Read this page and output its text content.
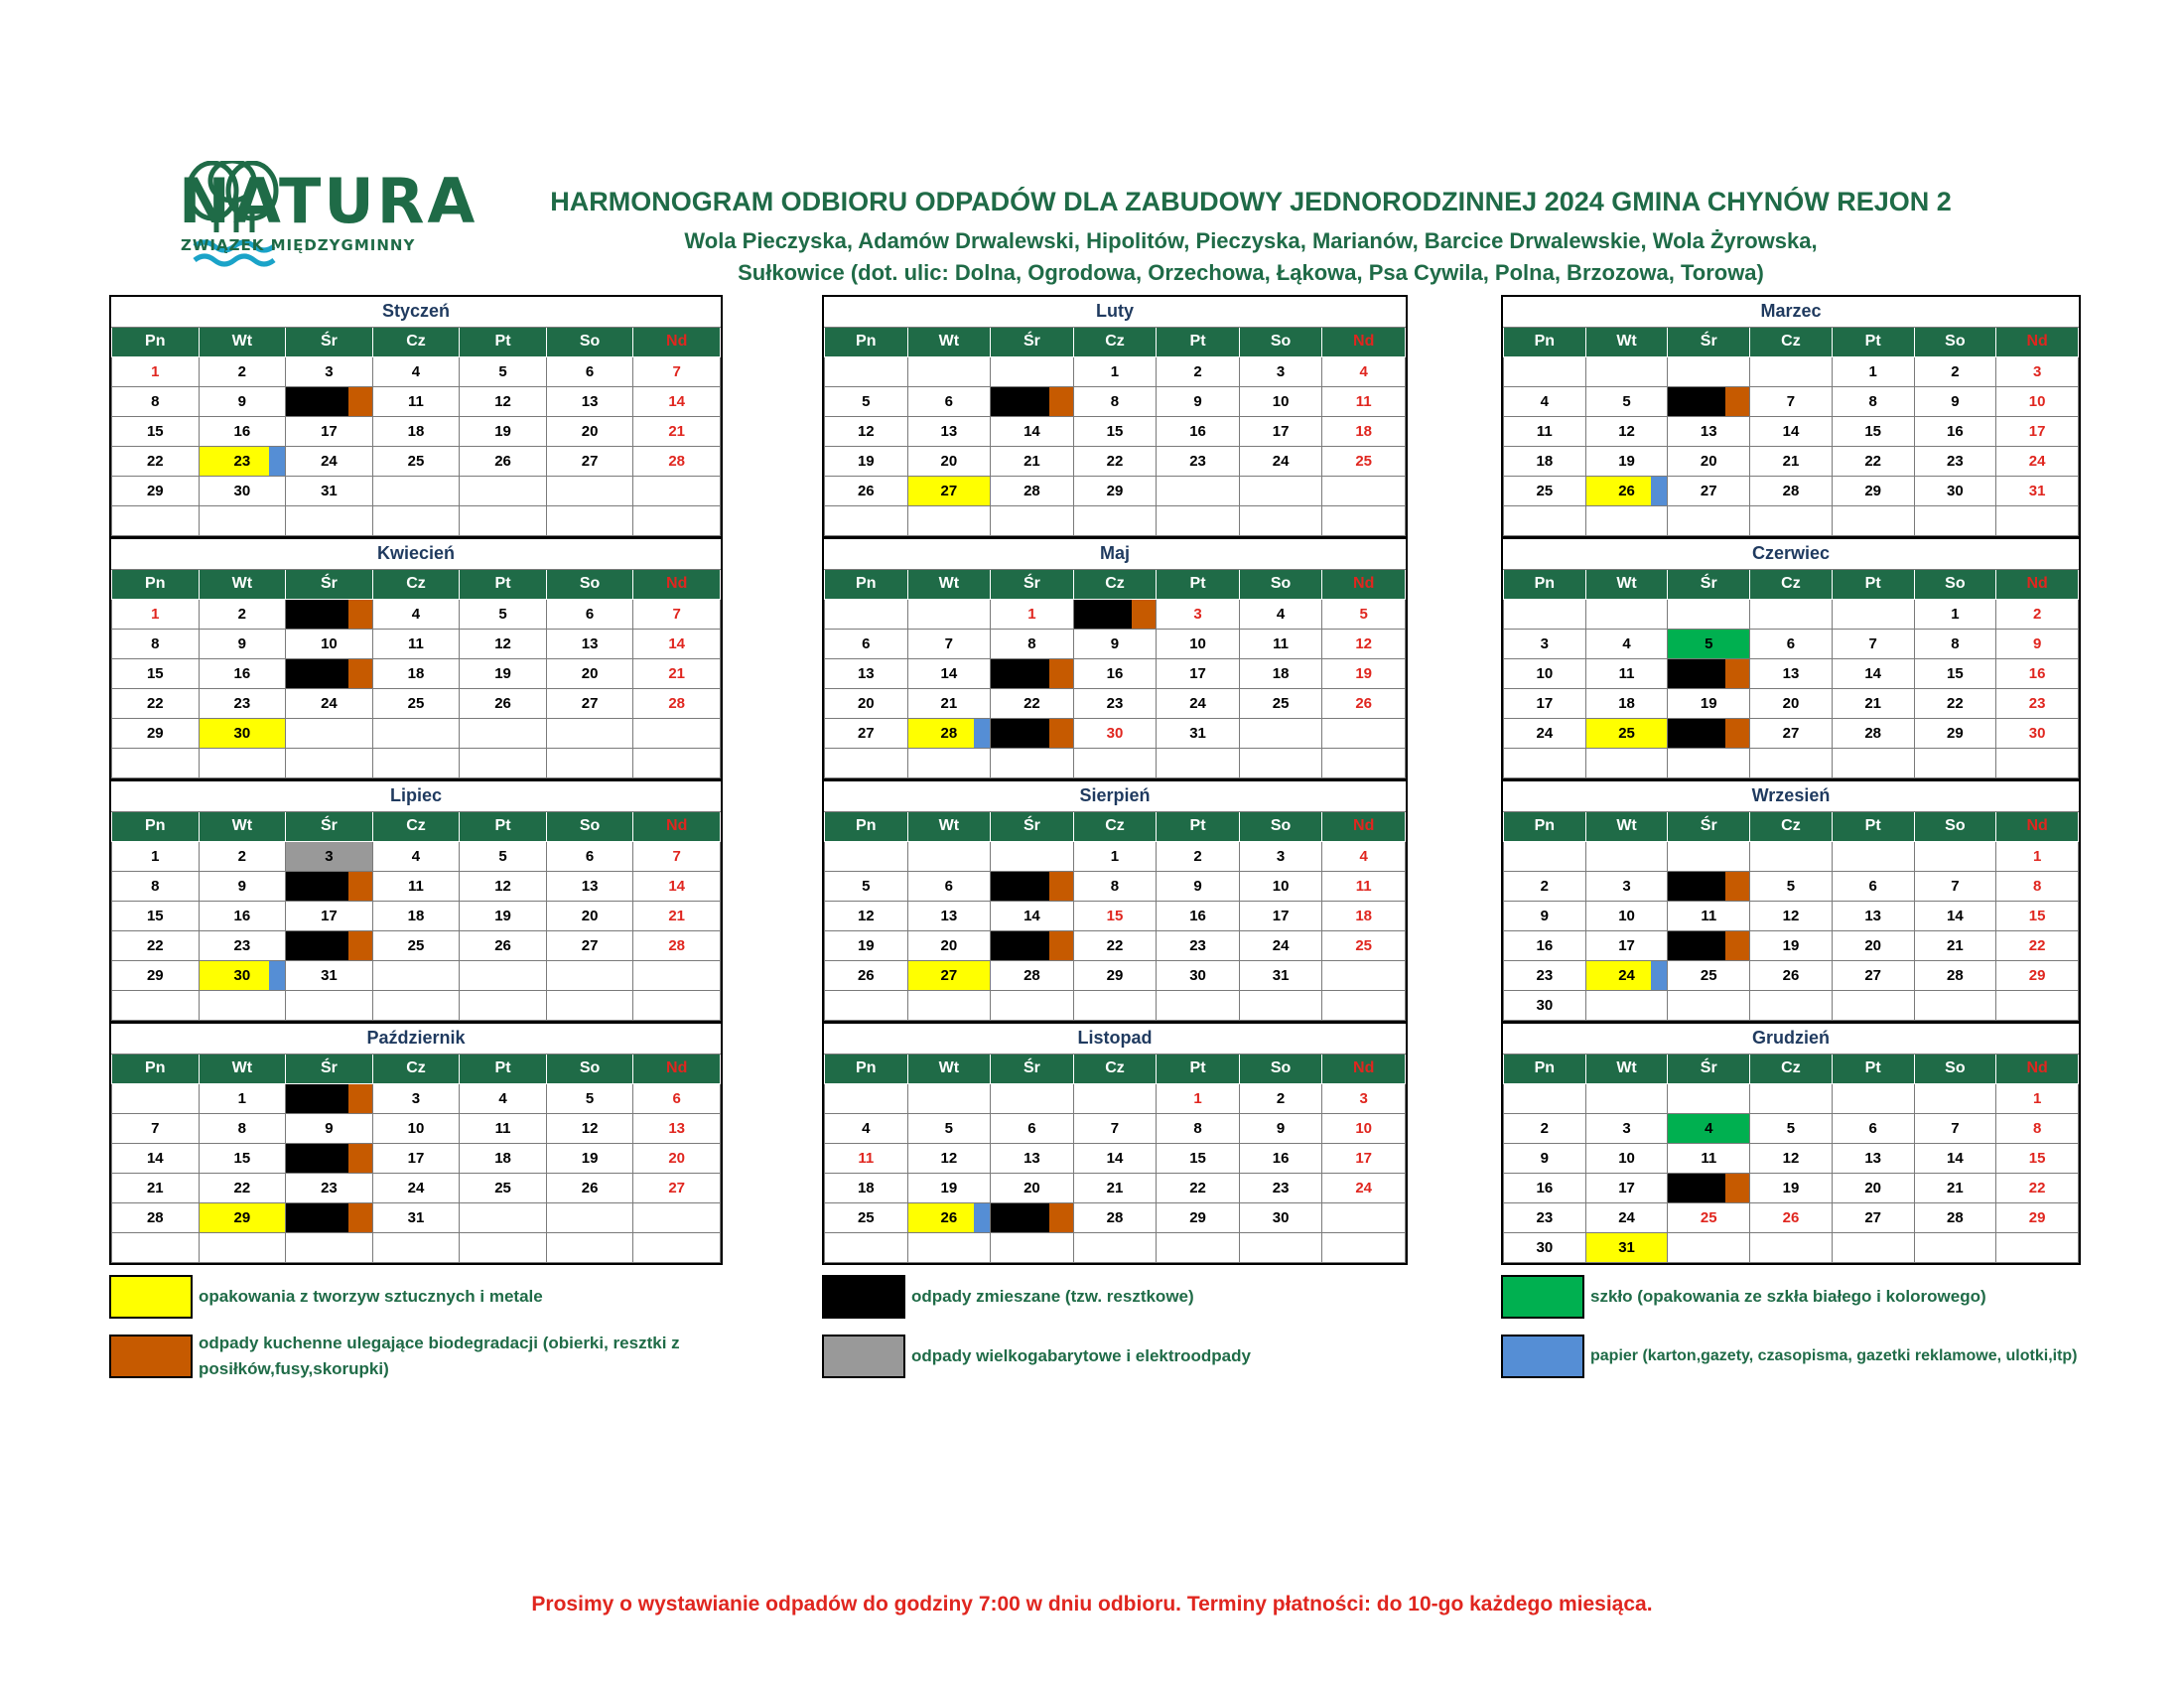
NATURA
ZWIĄZEK MIĘDZYGMINNY
HARMONOGRAM ODBIORU ODPADÓW DLA ZABUDOWY JEDNORODZINNEJ 2024 GMINA CHYNÓW REJON 2
Wola Pieczyska, Adamów Drwalewski, Hipolitów, Pieczyska, Marianów, Barcice Drwalewskie, Wola Żyrowska,
Sułkowice (dot. ulic: Dolna, Ogrodowa, Orzechowa, Łąkowa, Psa Cywila, Polna, Brzozowa, Torowa)
Styczeń						
Pn	Wt	Śr	Cz	Pt	So	Nd

1	2	3	4	5	6	7

8	9	10	11	12	13	14

15	16	17	18	19	20	21

22	23	24	25	26	27	28

29	30	31				

Luty						
Pn	Wt	Śr	Cz	Pt	So	Nd

			1	2	3	4

5	6	7	8	9	10	11

12	13	14	15	16	17	18

19	20	21	22	23	24	25

26	27	28	29			

Marzec						
Pn	Wt	Śr	Cz	Pt	So	Nd

				1	2	3

4	5	6	7	8	9	10

11	12	13	14	15	16	17

18	19	20	21	22	23	24

25	26	27	28	29	30	31

Kwiecień						
Pn	Wt	Śr	Cz	Pt	So	Nd

1	2	3	4	5	6	7

8	9	10	11	12	13	14

15	16	17	18	19	20	21

22	23	24	25	26	27	28

29	30					

Maj						
Pn	Wt	Śr	Cz	Pt	So	Nd

		1	2	3	4	5

6	7	8	9	10	11	12

13	14	15	16	17	18	19

20	21	22	23	24	25	26

27	28	29	30	31		

Czerwiec						
Pn	Wt	Śr	Cz	Pt	So	Nd

					1	2

3	4	5	6	7	8	9

10	11	12	13	14	15	16

17	18	19	20	21	22	23

24	25	26	27	28	29	30

Lipiec						
Pn	Wt	Śr	Cz	Pt	So	Nd

1	2	3	4	5	6	7

8	9	10	11	12	13	14

15	16	17	18	19	20	21

22	23	24	25	26	27	28

29	30	31				

Sierpień						
Pn	Wt	Śr	Cz	Pt	So	Nd

			1	2	3	4

5	6	7	8	9	10	11

12	13	14	15	16	17	18

19	20	21	22	23	24	25

26	27	28	29	30	31	

Wrzesień						
Pn	Wt	Śr	Cz	Pt	So	Nd

						1

2	3	4	5	6	7	8

9	10	11	12	13	14	15

16	17	18	19	20	21	22

23	24	25	26	27	28	29

30						

Październik						
Pn	Wt	Śr	Cz	Pt	So	Nd

	1	2	3	4	5	6

7	8	9	10	11	12	13

14	15	16	17	18	19	20

21	22	23	24	25	26	27

28	29	30	31			

Listopad						
Pn	Wt	Śr	Cz	Pt	So	Nd

				1	2	3

4	5	6	7	8	9	10

11	12	13	14	15	16	17

18	19	20	21	22	23	24

25	26	27	28	29	30	

Grudzień						
Pn	Wt	Śr	Cz	Pt	So	Nd

						1

2	3	4	5	6	7	8

9	10	11	12	13	14	15

16	17	18	19	20	21	22

23	24	25	26	27	28	29

30	31					

opakowania z tworzyw sztucznych i metale	odpady zmieszane (tzw. resztkowe)	szkło (opakowania ze szkła białego i kolorowego)
odpady kuchenne ulegające biodegradacji (obierki, resztki z posiłków,fusy,skorupki)
odpady wielkogabarytowe i elektroodpady	papier (karton,gazety, czasopisma, gazetki reklamowe, ulotki,itp)
Prosimy o wystawianie odpadów do godziny 7:00 w dniu odbioru. Terminy płatności: do 10-go każdego miesiąca.
